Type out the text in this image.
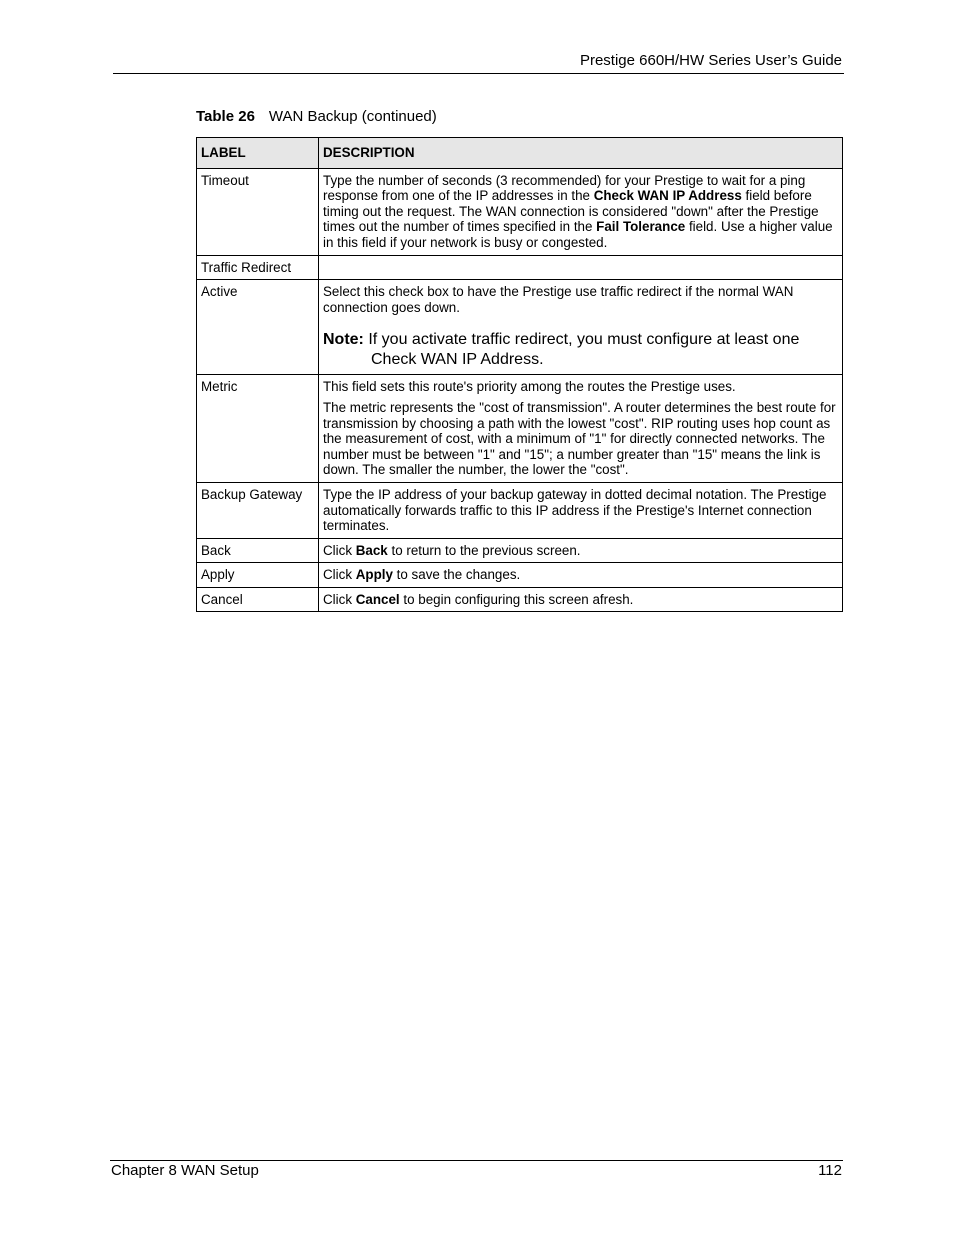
Prestige 660H/HW Series User’s Guide
Table 26 WAN Backup (continued)
LABEL	DESCRIPTION
Timeout	Type the number of seconds (3 recommended) for your Prestige to wait for a ping response from one of the IP addresses in the Check WAN IP Address field before timing out the request. The WAN connection is considered "down" after the Prestige times out the number of times specified in the Fail Tolerance field. Use a higher value in this field if your network is busy or congested.
Traffic Redirect	
Active	Select this check box to have the Prestige use traffic redirect if the normal WAN connection goes down.

Note: If you activate traffic redirect, you must configure at least one Check WAN IP Address.

Metric	This field sets this route's priority among the routes the Prestige uses.

The metric represents the "cost of transmission". A router determines the best route for transmission by choosing a path with the lowest "cost". RIP routing uses hop count as the measurement of cost, with a minimum of "1" for directly connected networks. The number must be between "1" and "15"; a number greater than "15" means the link is down. The smaller the number, the lower the "cost".

Backup Gateway	Type the IP address of your backup gateway in dotted decimal notation. The Prestige automatically forwards traffic to this IP address if the Prestige's Internet connection terminates.
Back	Click Back to return to the previous screen.
Apply	Click Apply to save the changes.
Cancel	Click Cancel to begin configuring this screen afresh.
Chapter 8 WAN Setup	112
